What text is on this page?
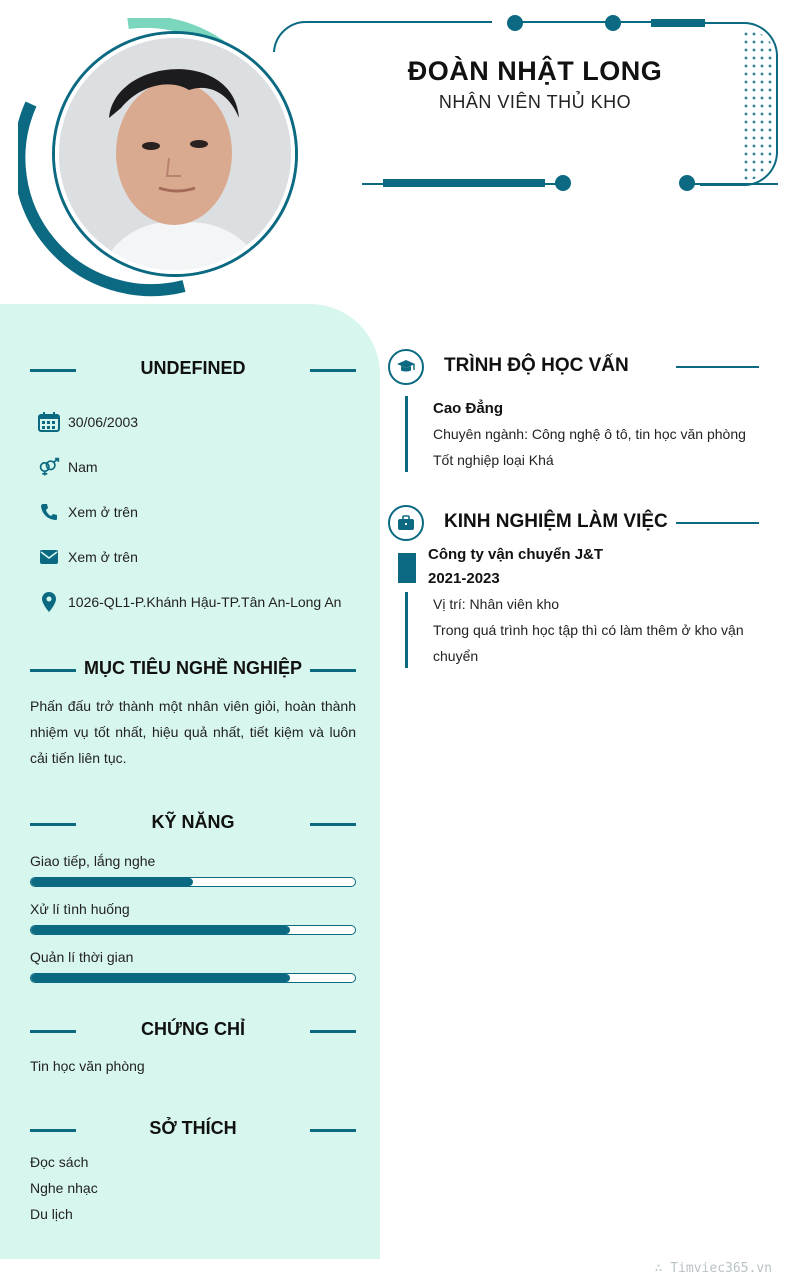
ĐOÀN NHẬT LONG
NHÂN VIÊN THỦ KHO
UNDEFINED
30/06/2003
Nam
Xem ở trên
Xem ở trên
1026-QL1-P.Khánh Hậu-TP.Tân An-Long An
MỤC TIÊU NGHỀ NGHIỆP
Phấn đấu trở thành một nhân viên giỏi, hoàn thành nhiệm vụ tốt nhất, hiệu quả nhất, tiết kiệm và luôn cải tiến liên tục.
KỸ NĂNG
Giao tiếp, lắng nghe
Xử lí tình huống
Quản lí thời gian
CHỨNG CHỈ
Tin học văn phòng
SỞ THÍCH
Đọc sách
Nghe nhạc
Du lịch
TRÌNH ĐỘ HỌC VẤN
Cao Đẳng
Chuyên ngành: Công nghệ ô tô, tin học văn phòng
Tốt nghiệp loại Khá
KINH NGHIỆM LÀM VIỆC
Công ty vận chuyển J&T
2021-2023
Vị trí: Nhân viên kho
Trong quá trình học tập thì có làm thêm ở kho vận
chuyển
∴ Timviec365.vn
